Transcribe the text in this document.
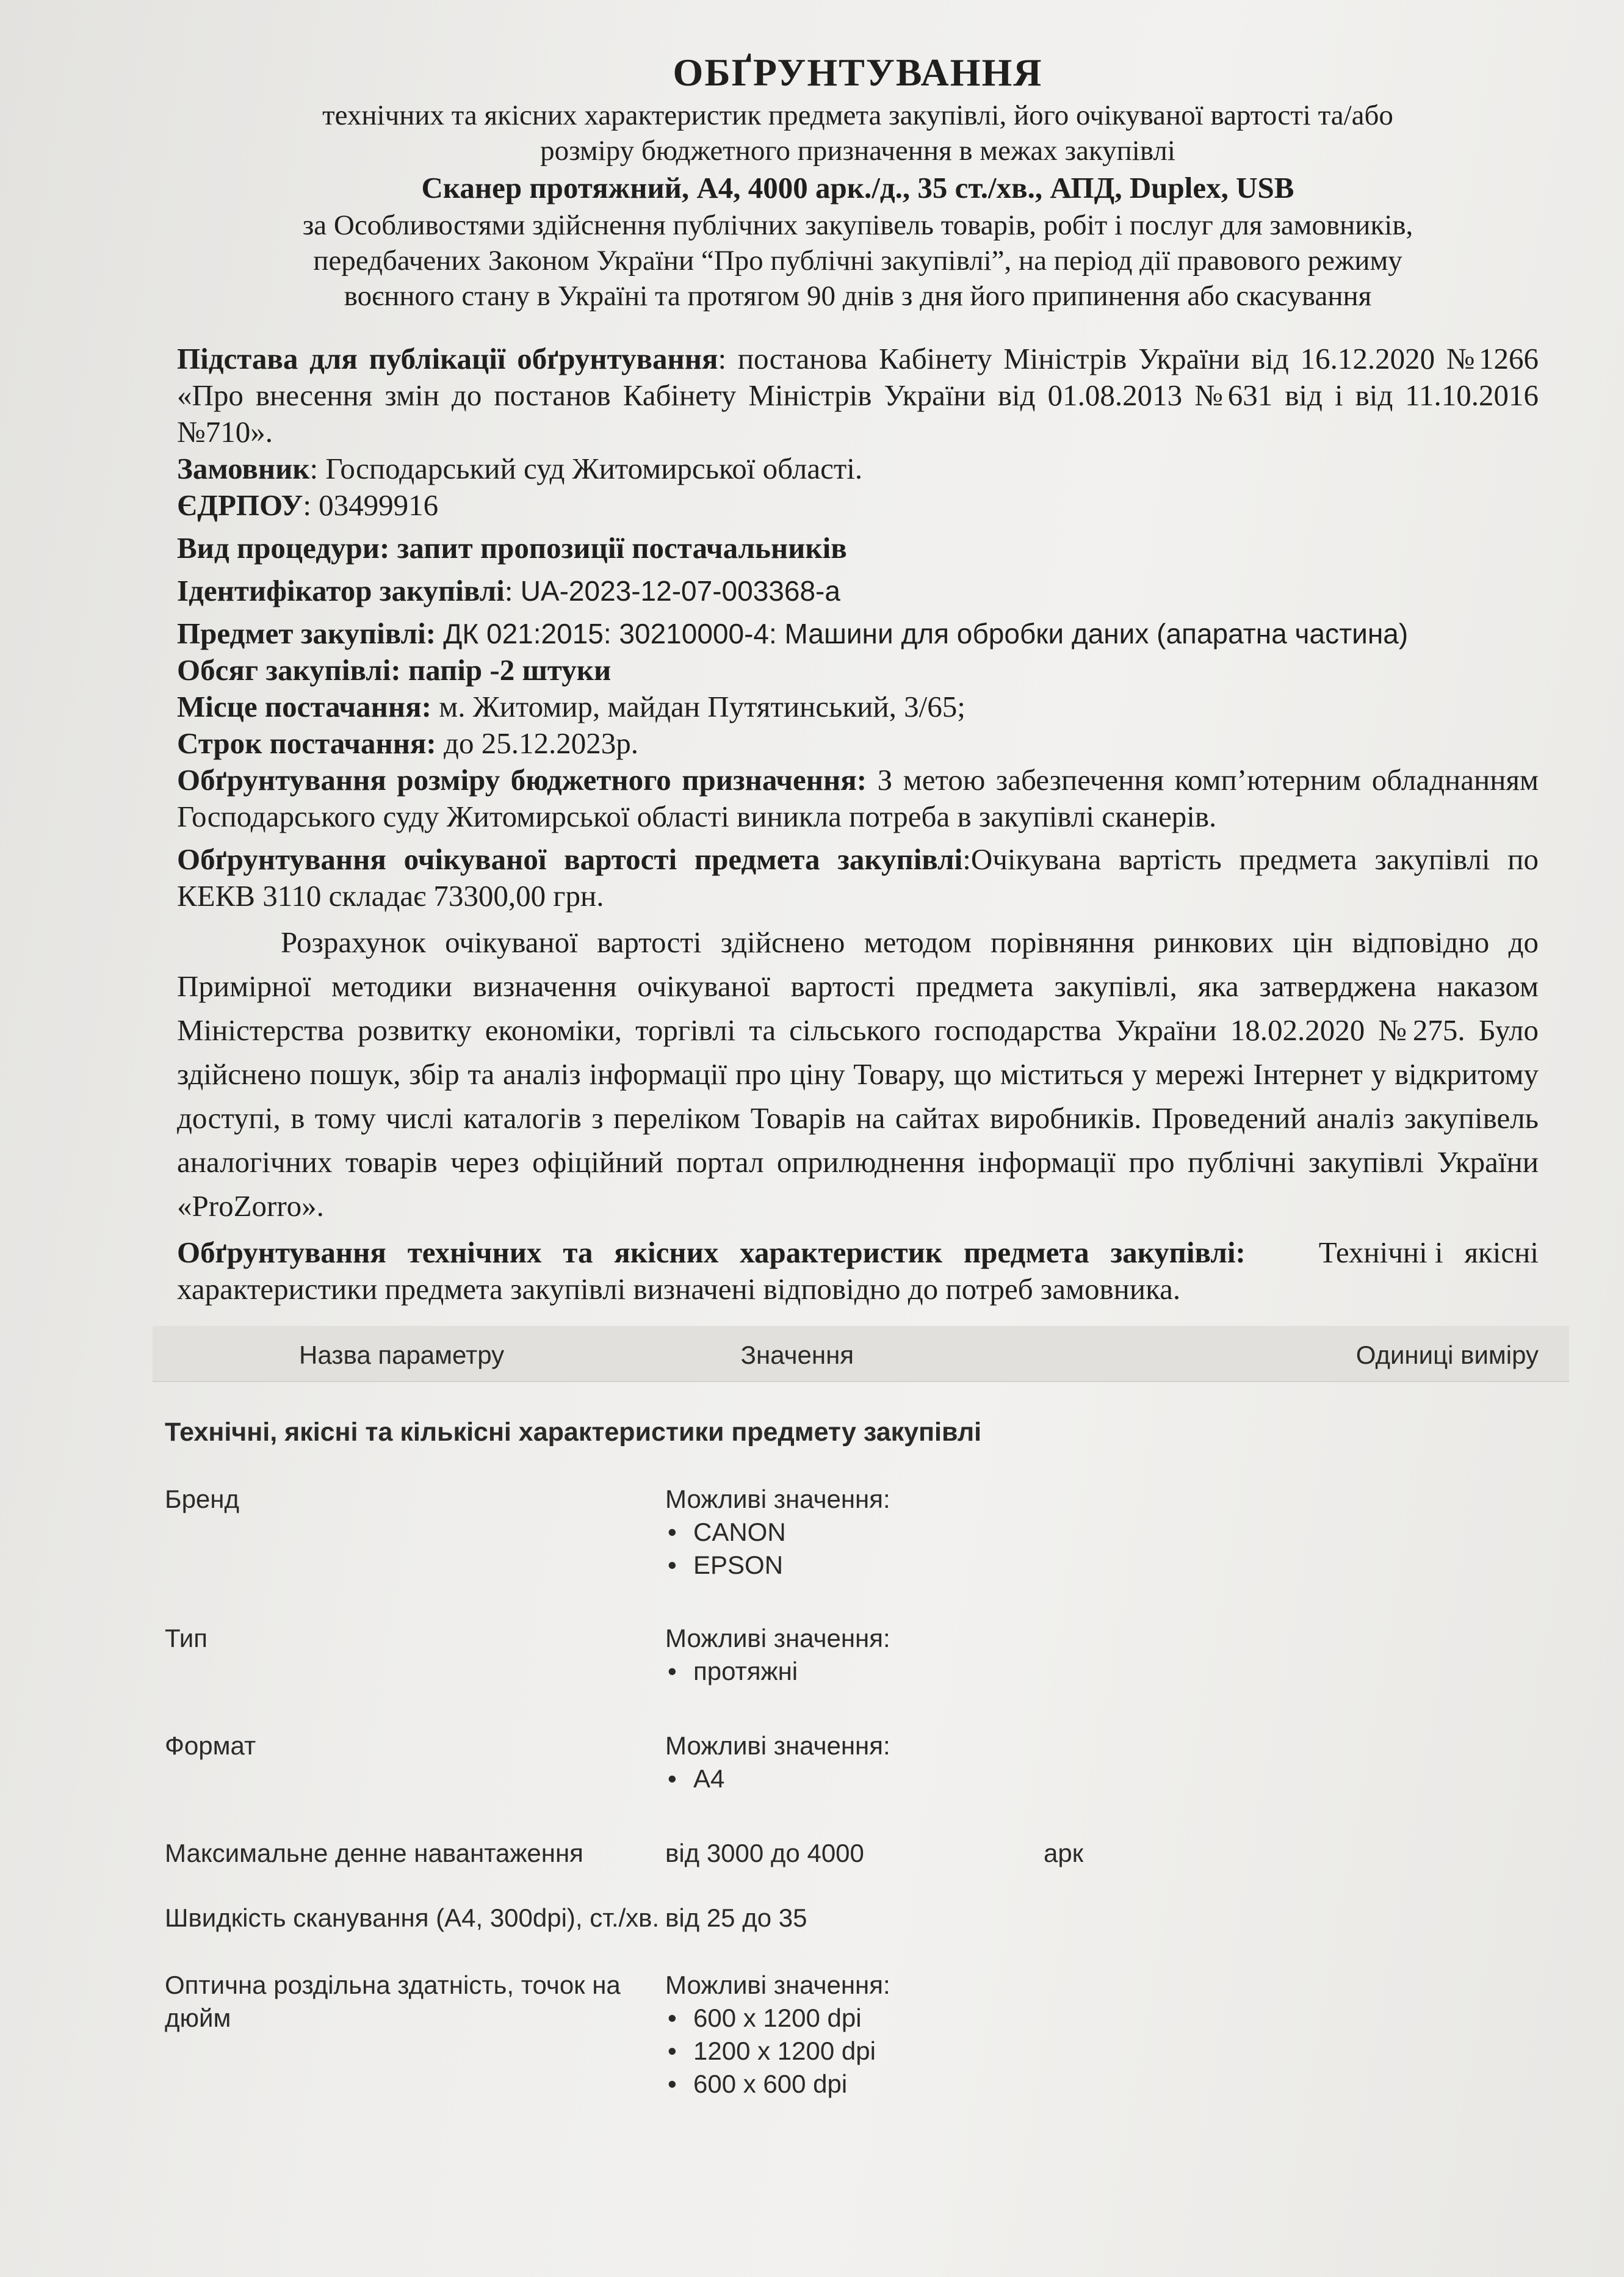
ОБҐРУНТУВАННЯ
технічних та якісних характеристик предмета закупівлі, його очікуваної вартості та/або
розміру бюджетного призначення в межах закупівлі
Сканер протяжний, А4, 4000 арк./д., 35 ст./хв., АПД, Duplex, USB
за Особливостями здійснення публічних закупівель товарів, робіт і послуг для замовників,
передбачених Законом України “Про публічні закупівлі”, на період дії правового режиму
воєнного стану в Україні та протягом 90 днів з дня його припинення або скасування

Підстава для публікації обґрунтування: постанова Кабінету Міністрів України від 16.12.2020 №1266 «Про внесення змін до постанов Кабінету Міністрів України від 01.08.2013 №631 від і від 11.10.2016 №710».

Замовник: Господарський суд Житомирської області.

ЄДРПОУ: 03499916

Вид процедури: запит пропозиції постачальників

Ідентифікатор закупівлі: UA-2023-12-07-003368-a

Предмет закупівлі: ДК 021:2015: 30210000-4: Машини для обробки даних (апаратна частина)

Обсяг закупівлі: папір -2 штуки

Місце постачання: м. Житомир, майдан Путятинський, 3/65;

Строк постачання: до 25.12.2023р.

Обґрунтування розміру бюджетного призначення: З метою забезпечення комп’ютерним обладнанням Господарського суду Житомирської області виникла потреба в закупівлі сканерів.

Обґрунтування очікуваної вартості предмета закупівлі:Очікувана вартість предмета закупівлі по КЕКВ 3110 складає 73300,00 грн.

Розрахунок очікуваної вартості здійснено методом порівняння ринкових цін відповідно до Примірної методики визначення очікуваної вартості предмета закупівлі, яка затверджена наказом Міністерства розвитку економіки, торгівлі та сільського господарства України 18.02.2020 №275. Було здійснено пошук, збір та аналіз інформації про ціну Товару, що міститься у мережі Інтернет у відкритому доступі, в тому числі каталогів з переліком Товарів на сайтах виробників. Проведений аналіз закупівель аналогічних товарів через офіційний портал оприлюднення інформації про публічні закупівлі України «ProZorro».

Обґрунтування технічних та якісних характеристик предмета закупівлі: Технічні і якісні характеристики предмета закупівлі визначені відповідно до потреб замовника.

Назва параметру	Значення	Одиниці виміру
Технічні, якісні та кількісні характеристики предмету закупівлі
Бренд	Можливі значення:
• CANON
• EPSON
Тип	Можливі значення:
• протяжні
Формат	Можливі значення:
• А4
Максимальне денне навантаження	від 3000 до 4000	арк
Швидкість сканування (А4, 300dpi), ст./хв. від 25 до 35
Оптична роздільна здатність, точок на дюйм
Можливі значення:
• 600 x 1200 dpi
• 1200 x 1200 dpi
• 600 x 600 dpi
